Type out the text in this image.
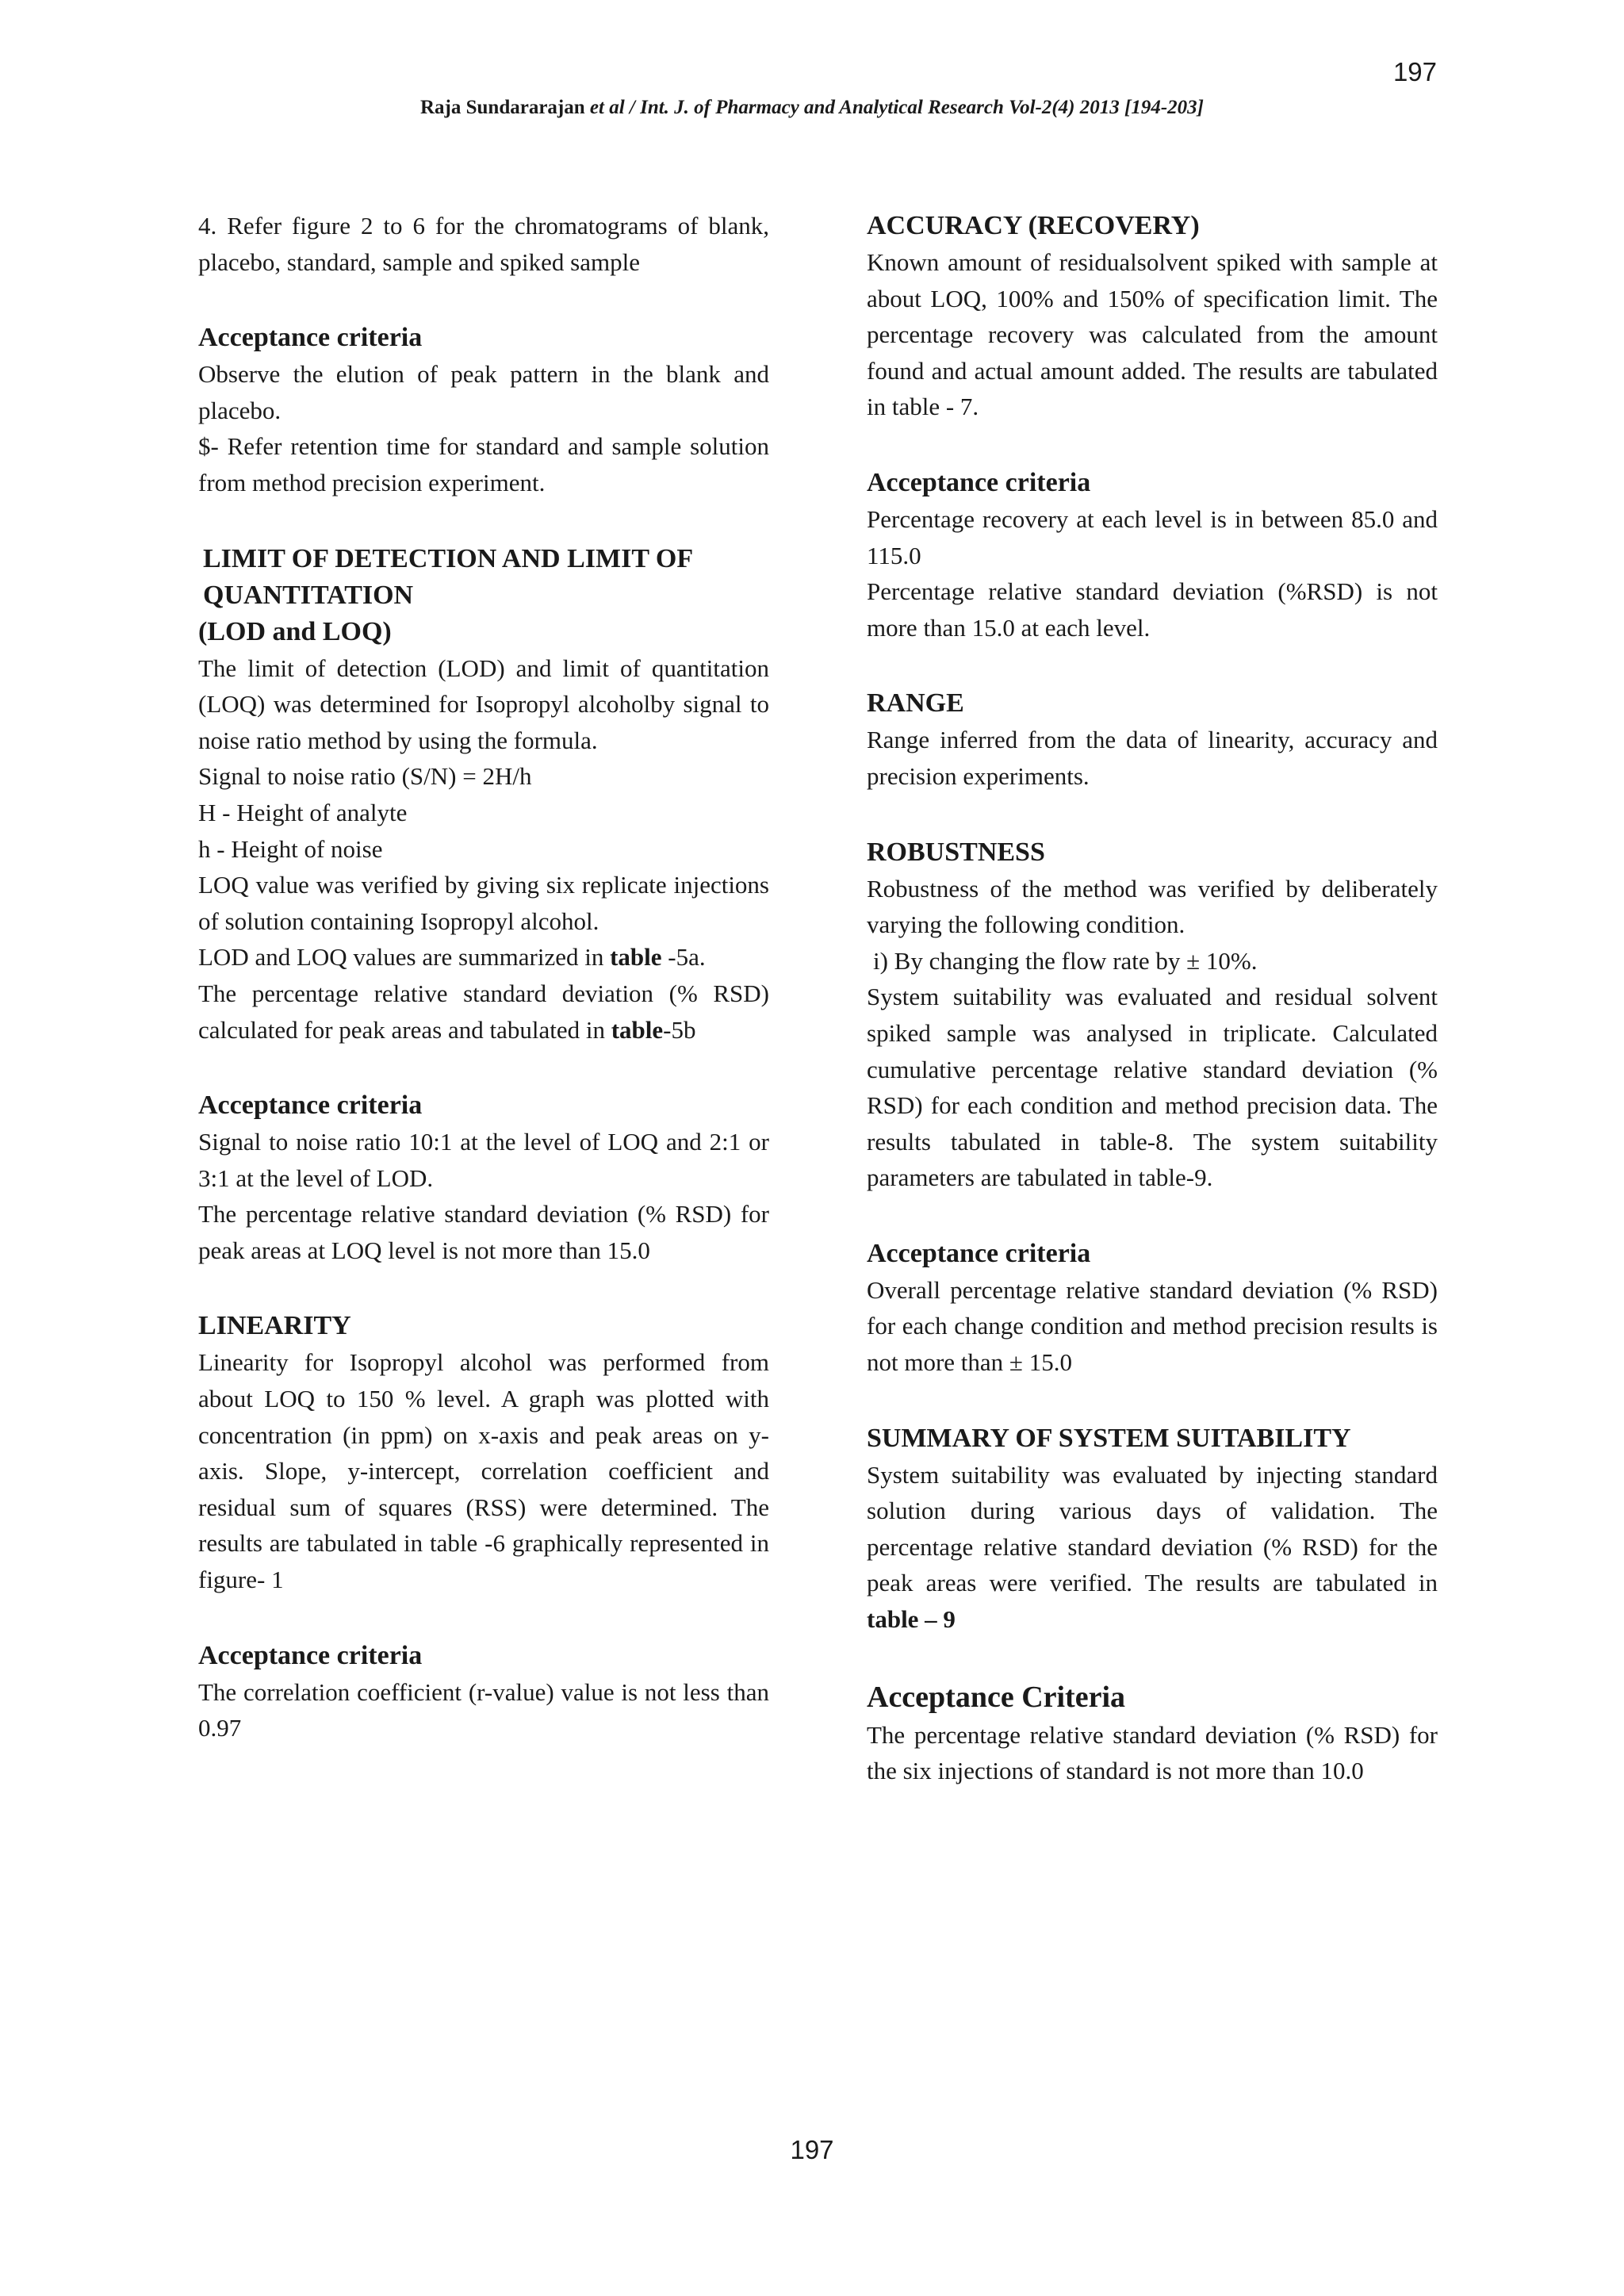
197
Raja Sundararajan et al / Int. J. of Pharmacy and Analytical Research Vol-2(4) 2013 [194-203]

4. Refer figure 2 to 6 for the chromatograms of blank, placebo, standard, sample and spiked sample

Acceptance criteria

Observe the elution of peak pattern in the blank and placebo.

$- Refer retention time for standard and sample solution from method precision experiment.

LIMIT OF DETECTION AND LIMIT OF
QUANTITATION
(LOD and LOQ)

The limit of detection (LOD) and limit of quantitation (LOQ) was determined for Isopropyl alcoholby signal to noise ratio method by using the formula.

Signal to noise ratio (S/N) = 2H/h

H - Height of analyte

h - Height of noise

LOQ value was verified by giving six replicate injections of solution containing Isopropyl alcohol.

LOD and LOQ values are summarized in table -5a.

The percentage relative standard deviation (% RSD) calculated for peak areas and tabulated in table-5b

Acceptance criteria

Signal to noise ratio 10:1 at the level of LOQ and 2:1 or 3:1 at the level of LOD.

The percentage relative standard deviation (% RSD) for peak areas at LOQ level is not more than 15.0

LINEARITY

Linearity for Isopropyl alcohol was performed from about LOQ to 150 % level. A graph was plotted with concentration (in ppm) on x-axis and peak areas on y-axis. Slope, y-intercept, correlation coefficient and residual sum of squares (RSS) were determined. The results are tabulated in table -6 graphically represented in figure- 1

Acceptance criteria

The correlation coefficient (r-value) value is not less than 0.97

ACCURACY (RECOVERY)

Known amount of residualsolvent spiked with sample at about LOQ, 100% and 150% of specification limit. The percentage recovery was calculated from the amount found and actual amount added. The results are tabulated in table - 7.

Acceptance criteria

Percentage recovery at each level is in between 85.0 and 115.0

Percentage relative standard deviation (%RSD) is not more than 15.0 at each level.

RANGE

Range inferred from the data of linearity, accuracy and precision experiments.

ROBUSTNESS

Robustness of the method was verified by deliberately varying the following condition.

i) By changing the flow rate by ± 10%.

System suitability was evaluated and residual solvent spiked sample was analysed in triplicate. Calculated cumulative percentage relative standard deviation (% RSD) for each condition and method precision data. The results tabulated in table-8. The system suitability parameters are tabulated in table-9.

Acceptance criteria

Overall percentage relative standard deviation (% RSD) for each change condition and method precision results is not more than ± 15.0

SUMMARY OF SYSTEM SUITABILITY

System suitability was evaluated by injecting standard solution during various days of validation. The percentage relative standard deviation (% RSD) for the peak areas were verified. The results are tabulated in table – 9

Acceptance Criteria

The percentage relative standard deviation (% RSD) for the six injections of standard is not more than 10.0

197
